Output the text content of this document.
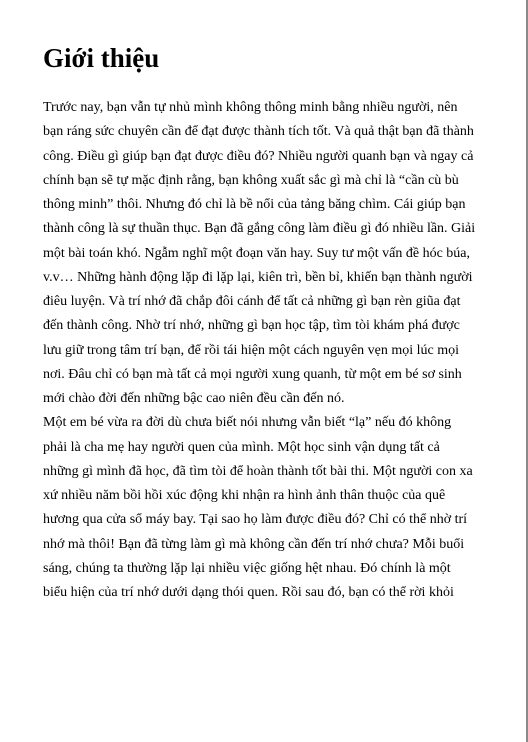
Giới thiệu
Trước nay, bạn vẫn tự nhủ mình không thông minh bằng nhiều người, nên
bạn ráng sức chuyên cần để đạt được thành tích tốt. Và quả thật bạn đã thành
công. Điều gì giúp bạn đạt được điều đó? Nhiều người quanh bạn và ngay cả
chính bạn sẽ tự mặc định rằng, bạn không xuất sắc gì mà chỉ là “cần cù bù
thông minh” thôi. Nhưng đó chỉ là bề nổi của tảng băng chìm. Cái giúp bạn
thành công là sự thuần thục. Bạn đã gắng công làm điều gì đó nhiều lần. Giải
một bài toán khó. Ngẫm nghĩ một đoạn văn hay. Suy tư một vấn đề hóc búa,
v.v… Những hành động lặp đi lặp lại, kiên trì, bền bỉ, khiến bạn thành người
điêu luyện. Và trí nhớ đã chắp đôi cánh để tất cả những gì bạn rèn giũa đạt
đến thành công. Nhờ trí nhớ, những gì bạn học tập, tìm tòi khám phá được
lưu giữ trong tâm trí bạn, để rồi tái hiện một cách nguyên vẹn mọi lúc mọi
nơi. Đâu chỉ có bạn mà tất cả mọi người xung quanh, từ một em bé sơ sinh
mới chào đời đến những bậc cao niên đều cần đến nó.
Một em bé vừa ra đời dù chưa biết nói nhưng vẫn biết “lạ” nếu đó không
phải là cha mẹ hay người quen của mình. Một học sinh vận dụng tất cả
những gì mình đã học, đã tìm tòi để hoàn thành tốt bài thi. Một người con xa
xứ nhiều năm bồi hồi xúc động khi nhận ra hình ảnh thân thuộc của quê
hương qua cửa sổ máy bay. Tại sao họ làm được điều đó? Chỉ có thể nhờ trí
nhớ mà thôi! Bạn đã từng làm gì mà không cần đến trí nhớ chưa? Mỗi buổi
sáng, chúng ta thường lặp lại nhiều việc giống hệt nhau. Đó chính là một
biểu hiện của trí nhớ dưới dạng thói quen. Rồi sau đó, bạn có thể rời khỏi
